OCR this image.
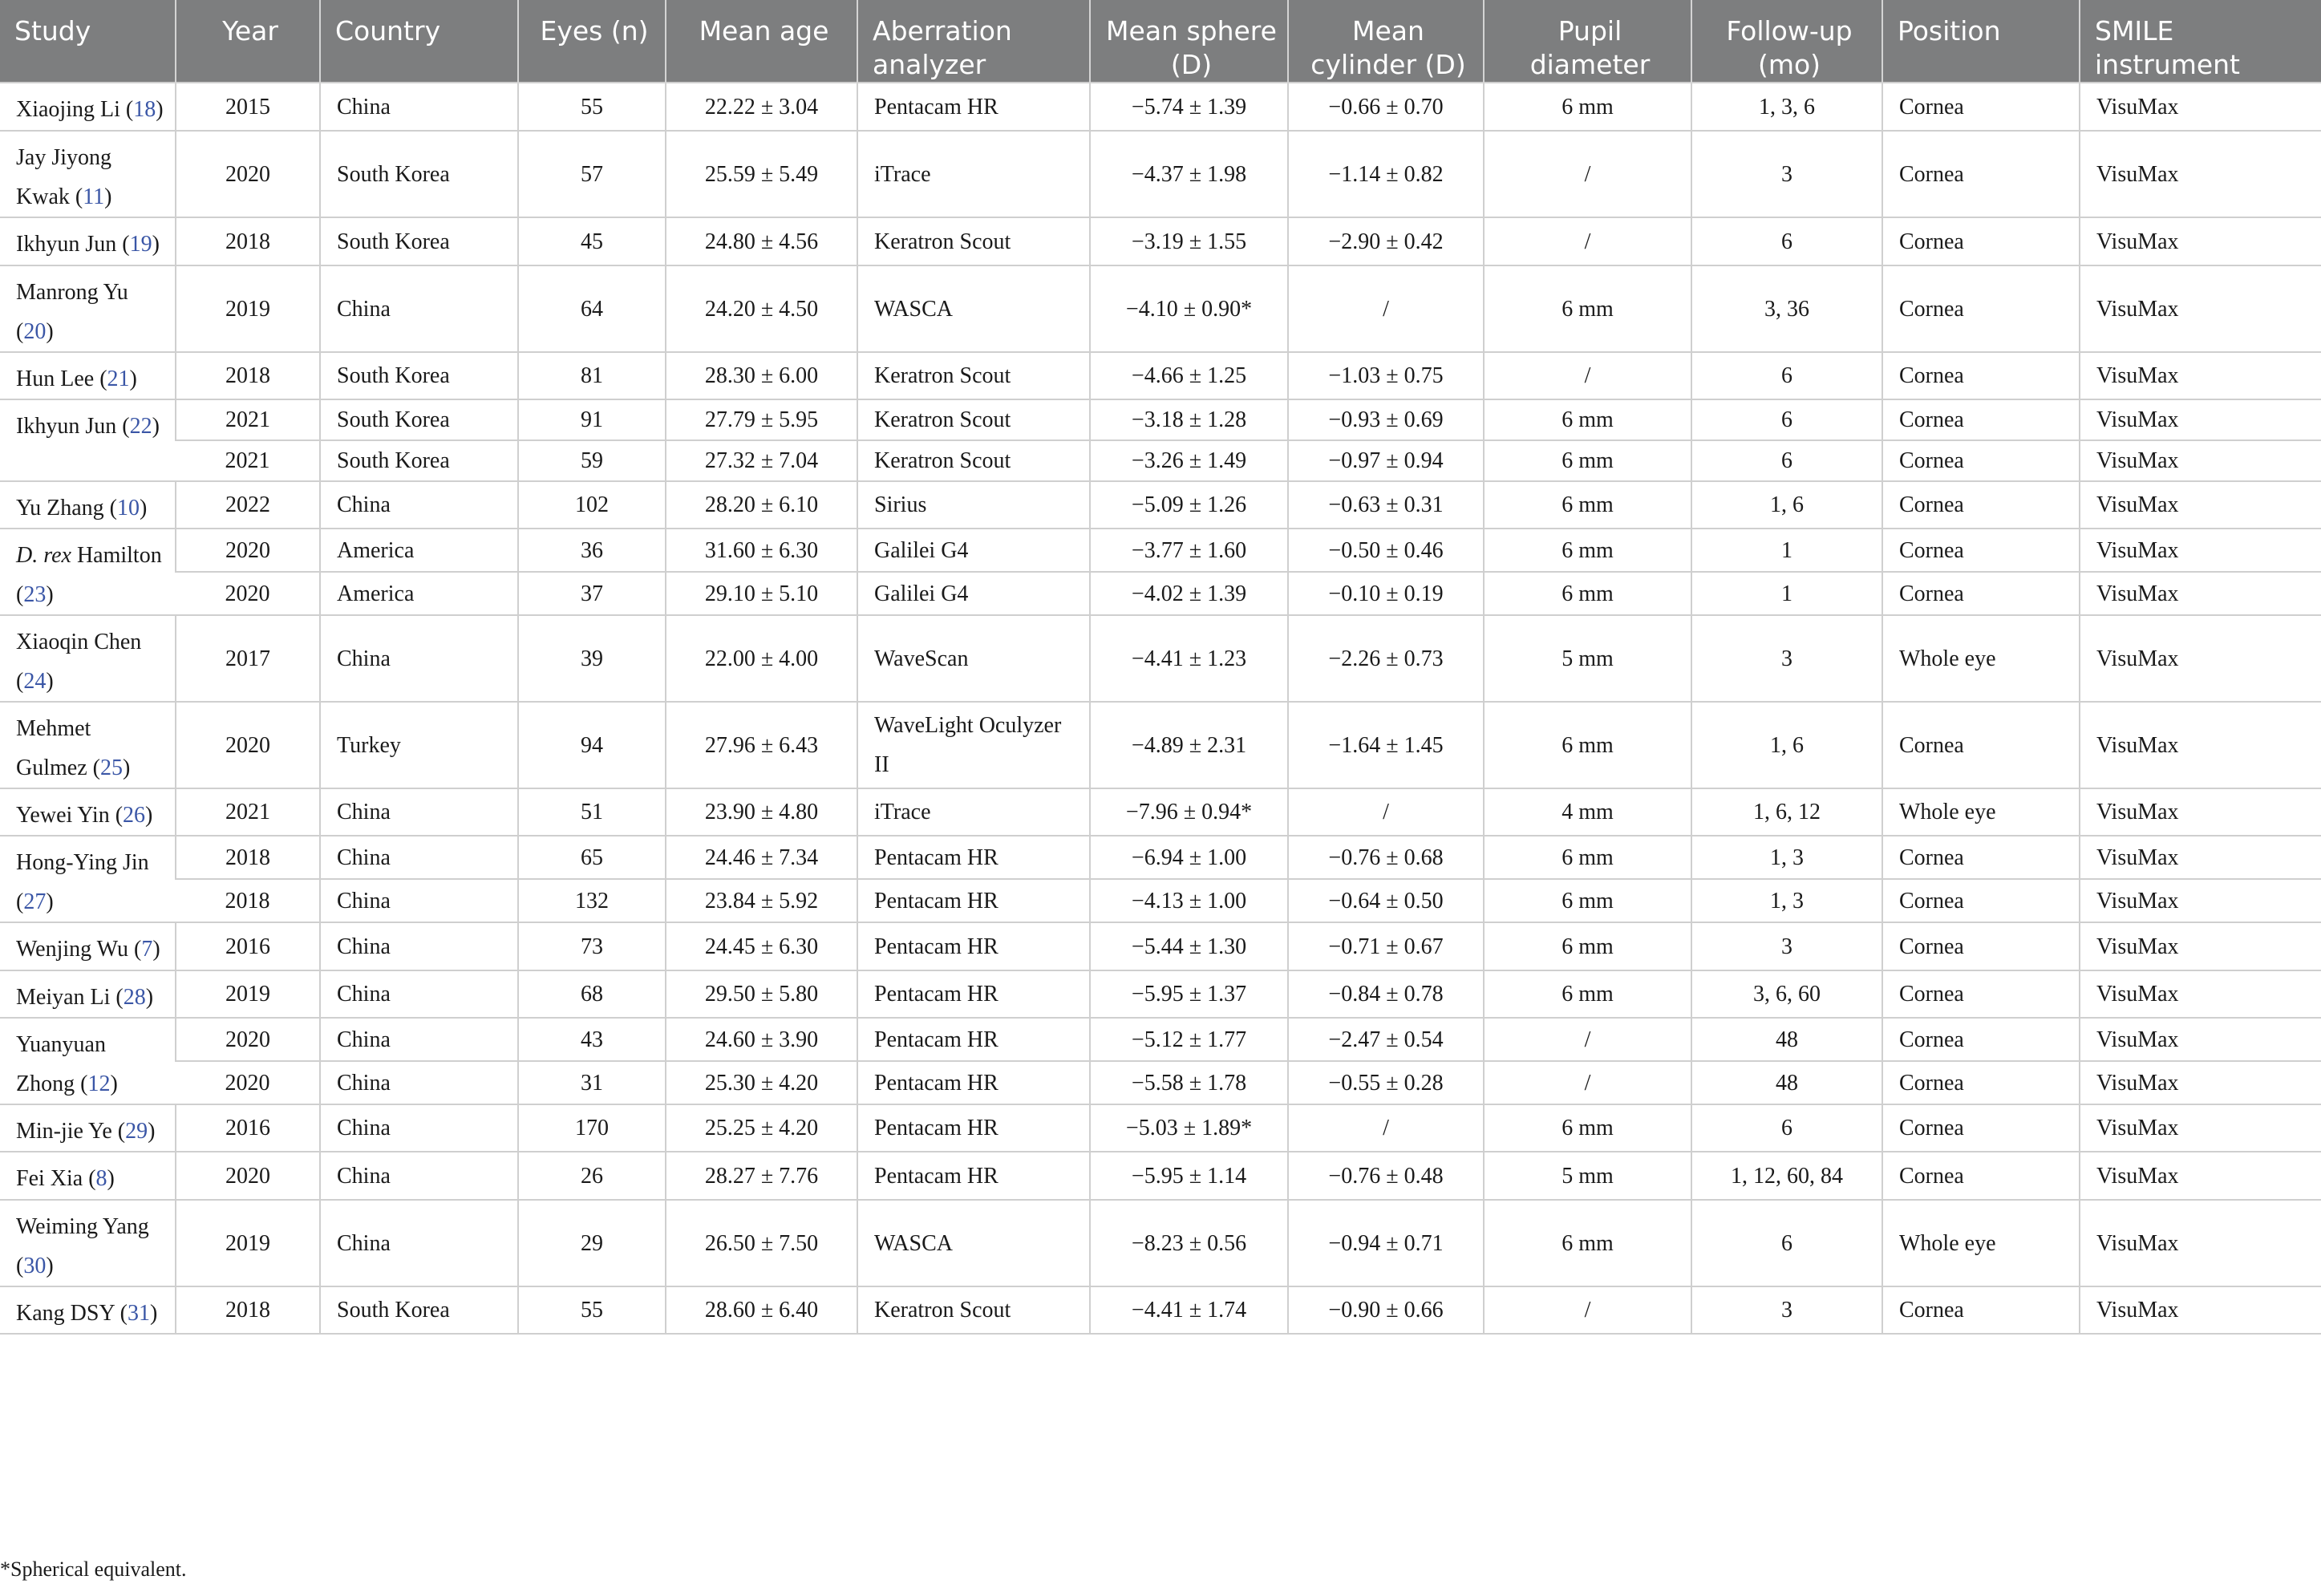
Study	Year	Country	Eyes (n)	Mean age	Aberration analyzer	Mean sphere (D)	Mean cylinder (D)	Pupil diameter	Follow-up (mo)	Position	SMILE instrument
Xiaojing Li (18)	2015	China	55	22.22 ± 3.04	Pentacam HR	−5.74 ± 1.39	−0.66 ± 0.70	6 mm	1, 3, 6	Cornea	VisuMax
Jay Jiyong Kwak (11)	2020	South Korea	57	25.59 ± 5.49	iTrace	−4.37 ± 1.98	−1.14 ± 0.82	/	3	Cornea	VisuMax
Ikhyun Jun (19)	2018	South Korea	45	24.80 ± 4.56	Keratron Scout	−3.19 ± 1.55	−2.90 ± 0.42	/	6	Cornea	VisuMax
Manrong Yu (20)	2019	China	64	24.20 ± 4.50	WASCA	−4.10 ± 0.90*	/	6 mm	3, 36	Cornea	VisuMax
Hun Lee (21)	2018	South Korea	81	28.30 ± 6.00	Keratron Scout	−4.66 ± 1.25	−1.03 ± 0.75	/	6	Cornea	VisuMax
Ikhyun Jun (22)	2021	South Korea	91	27.79 ± 5.95	Keratron Scout	−3.18 ± 1.28	−0.93 ± 0.69	6 mm	6	Cornea	VisuMax
	2021	South Korea	59	27.32 ± 7.04	Keratron Scout	−3.26 ± 1.49	−0.97 ± 0.94	6 mm	6	Cornea	VisuMax
Yu Zhang (10)	2022	China	102	28.20 ± 6.10	Sirius	−5.09 ± 1.26	−0.63 ± 0.31	6 mm	1, 6	Cornea	VisuMax
D. rex Hamilton (23)	2020	America	36	31.60 ± 6.30	Galilei G4	−3.77 ± 1.60	−0.50 ± 0.46	6 mm	1	Cornea	VisuMax
	2020	America	37	29.10 ± 5.10	Galilei G4	−4.02 ± 1.39	−0.10 ± 0.19	6 mm	1	Cornea	VisuMax
Xiaoqin Chen (24)	2017	China	39	22.00 ± 4.00	WaveScan	−4.41 ± 1.23	−2.26 ± 0.73	5 mm	3	Whole eye	VisuMax
Mehmet Gulmez (25)	2020	Turkey	94	27.96 ± 6.43	WaveLight Oculyzer II	−4.89 ± 2.31	−1.64 ± 1.45	6 mm	1, 6	Cornea	VisuMax
Yewei Yin (26)	2021	China	51	23.90 ± 4.80	iTrace	−7.96 ± 0.94*	/	4 mm	1, 6, 12	Whole eye	VisuMax
Hong-Ying Jin (27)	2018	China	65	24.46 ± 7.34	Pentacam HR	−6.94 ± 1.00	−0.76 ± 0.68	6 mm	1, 3	Cornea	VisuMax
	2018	China	132	23.84 ± 5.92	Pentacam HR	−4.13 ± 1.00	−0.64 ± 0.50	6 mm	1, 3	Cornea	VisuMax
Wenjing Wu (7)	2016	China	73	24.45 ± 6.30	Pentacam HR	−5.44 ± 1.30	−0.71 ± 0.67	6 mm	3	Cornea	VisuMax
Meiyan Li (28)	2019	China	68	29.50 ± 5.80	Pentacam HR	−5.95 ± 1.37	−0.84 ± 0.78	6 mm	3, 6, 60	Cornea	VisuMax
Yuanyuan Zhong (12)	2020	China	43	24.60 ± 3.90	Pentacam HR	−5.12 ± 1.77	−2.47 ± 0.54	/	48	Cornea	VisuMax
	2020	China	31	25.30 ± 4.20	Pentacam HR	−5.58 ± 1.78	−0.55 ± 0.28	/	48	Cornea	VisuMax
Min-jie Ye (29)	2016	China	170	25.25 ± 4.20	Pentacam HR	−5.03 ± 1.89*	/	6 mm	6	Cornea	VisuMax
Fei Xia (8)	2020	China	26	28.27 ± 7.76	Pentacam HR	−5.95 ± 1.14	−0.76 ± 0.48	5 mm	1, 12, 60, 84	Cornea	VisuMax
Weiming Yang (30)	2019	China	29	26.50 ± 7.50	WASCA	−8.23 ± 0.56	−0.94 ± 0.71	6 mm	6	Whole eye	VisuMax
Kang DSY (31)	2018	South Korea	55	28.60 ± 6.40	Keratron Scout	−4.41 ± 1.74	−0.90 ± 0.66	/	3	Cornea	VisuMax
*Spherical equivalent.
